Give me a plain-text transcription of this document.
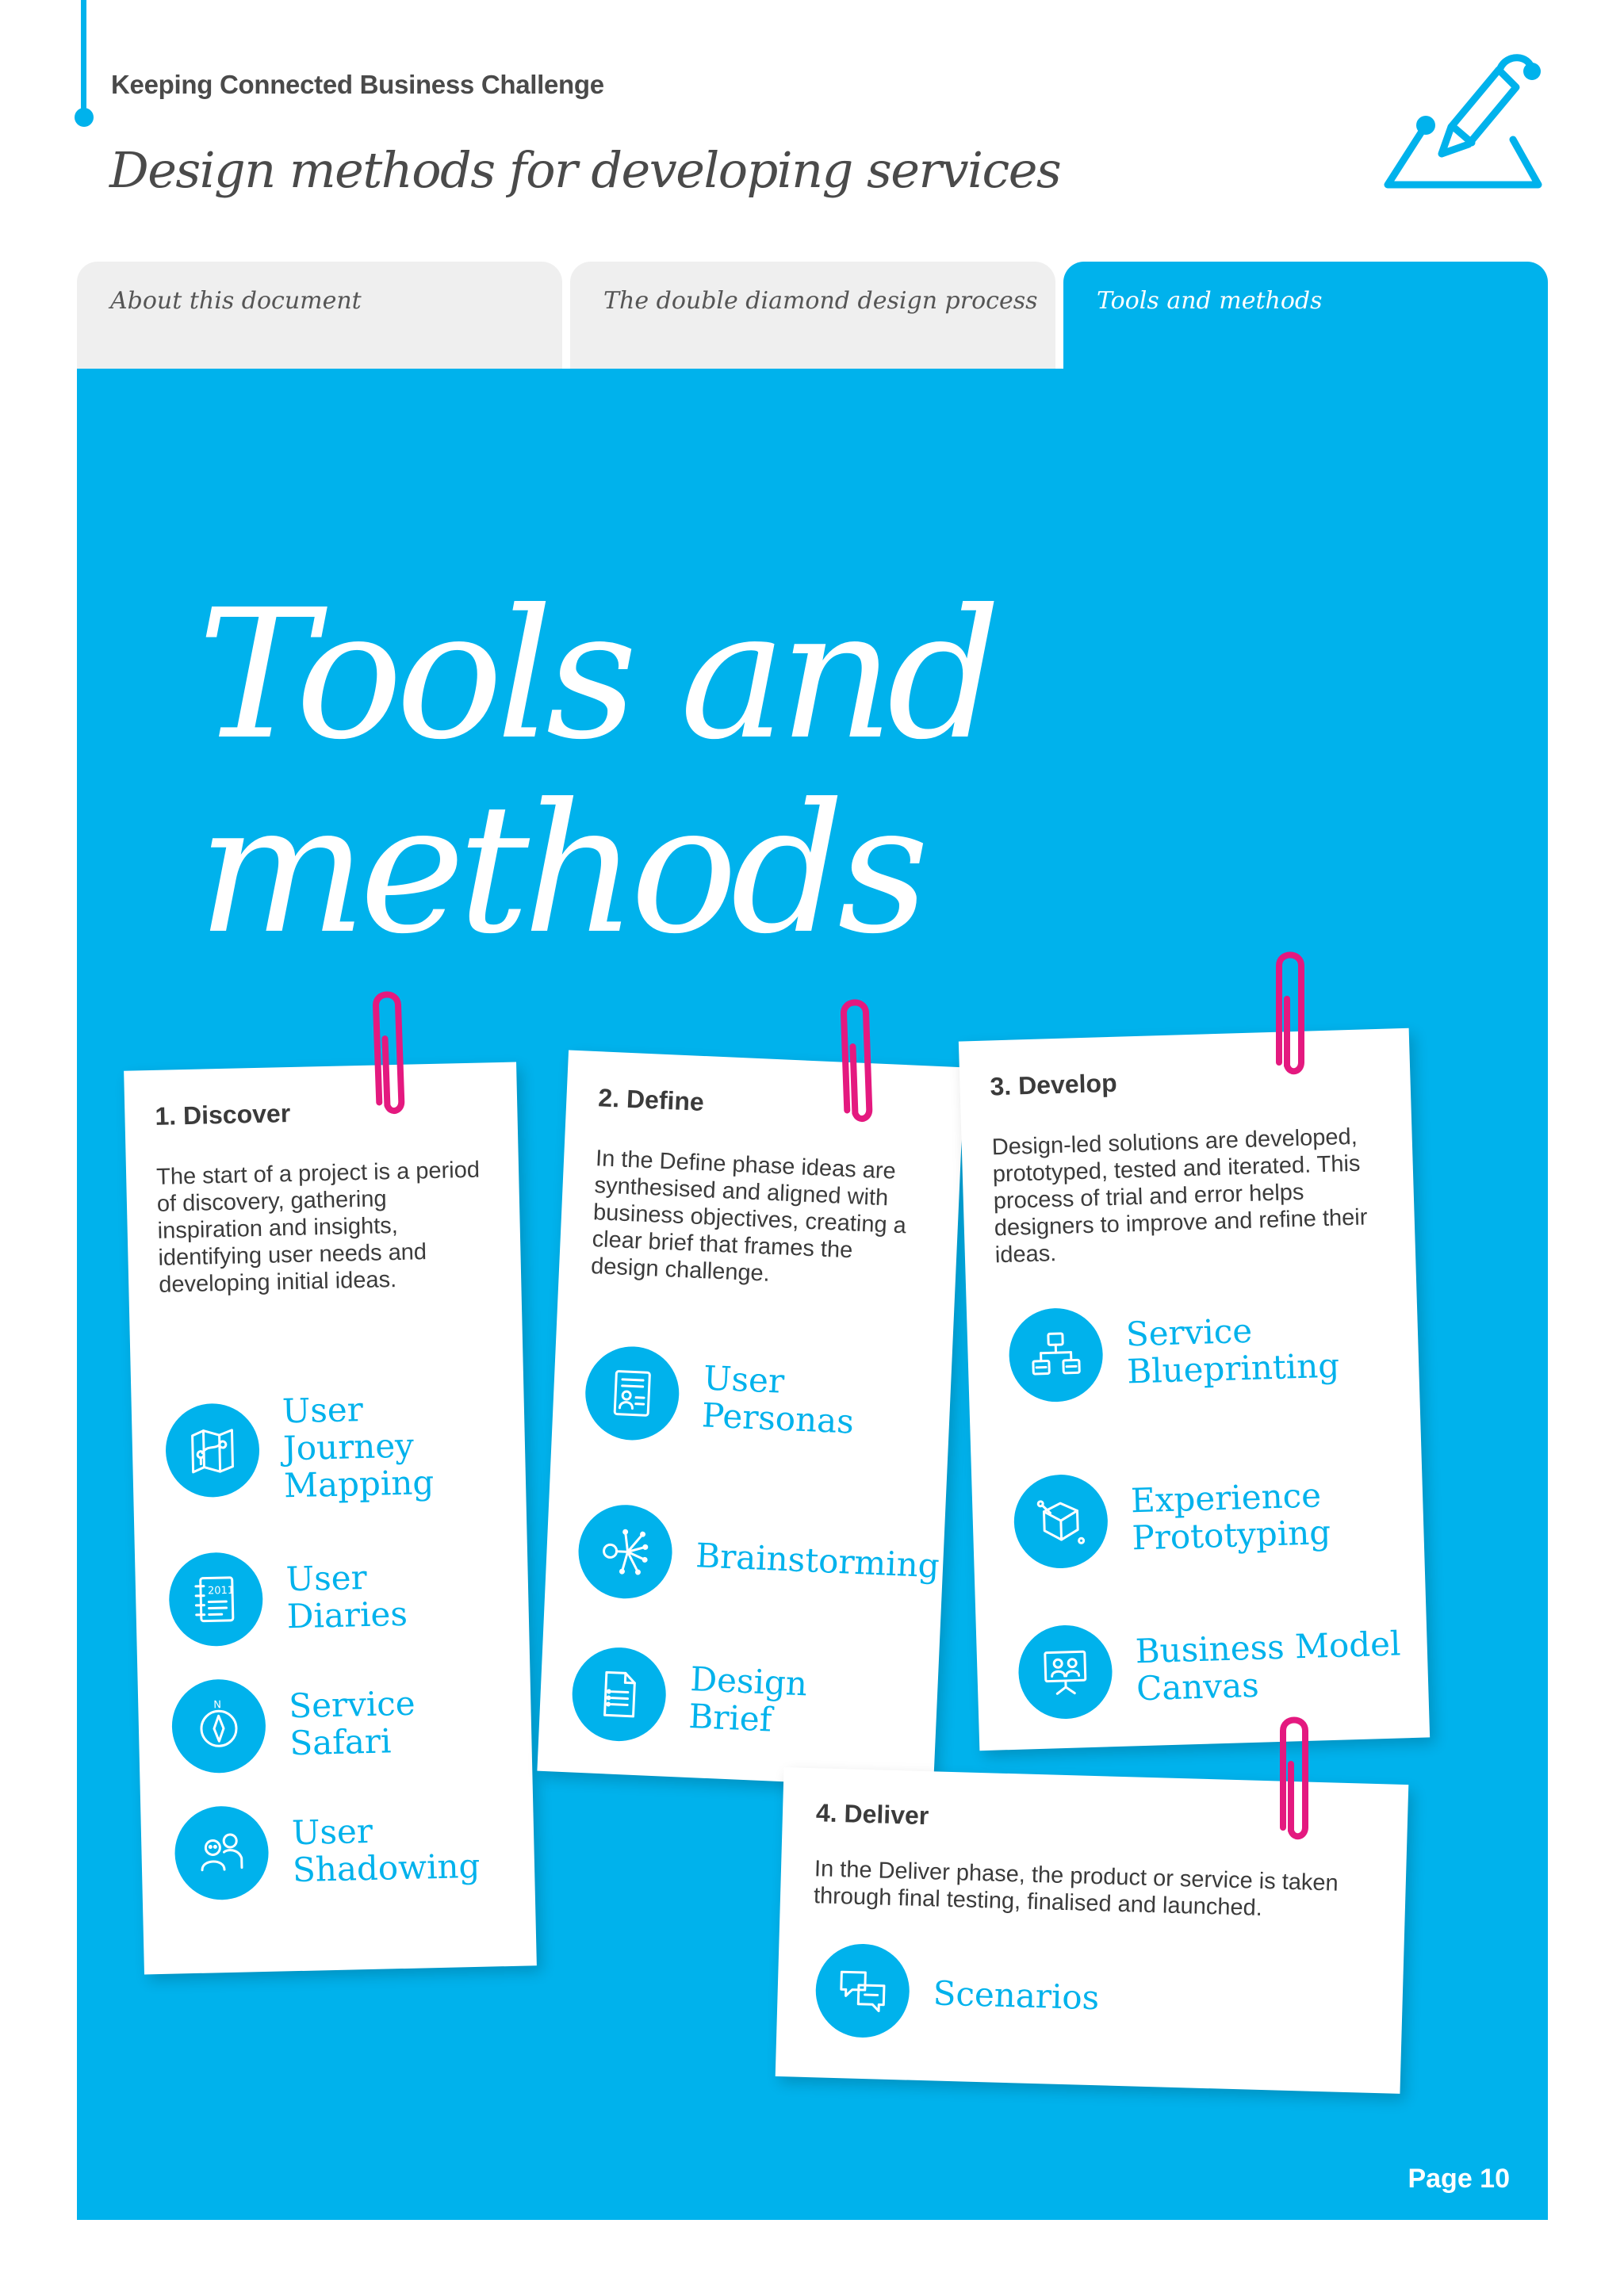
Keeping Connected Business Challenge
Design methods for developing services
About this document	The double diamond design process	Tools and methods
Tools and
methods
1. Discover
The start of a project is a period of discovery, gathering inspiration and insights, identifying user needs and developing initial ideas.
User
Journey
Mapping
2011 User
Diaries
N Service
Safari
User
Shadowing
2. Define
In the Define phase ideas are synthesised and aligned with business objectives, creating a clear brief that frames the design challenge.
User
Personas
Brainstorming
Design
Brief
3. Develop
Design-led solutions are developed, prototyped, tested and iterated. This process of trial and error helps designers to improve and refine their ideas.
Service
Blueprinting
Experience
Prototyping
Business Model
Canvas
4. Deliver
In the Deliver phase, the product or service is taken through final testing, finalised and launched.
Scenarios
Page 10
